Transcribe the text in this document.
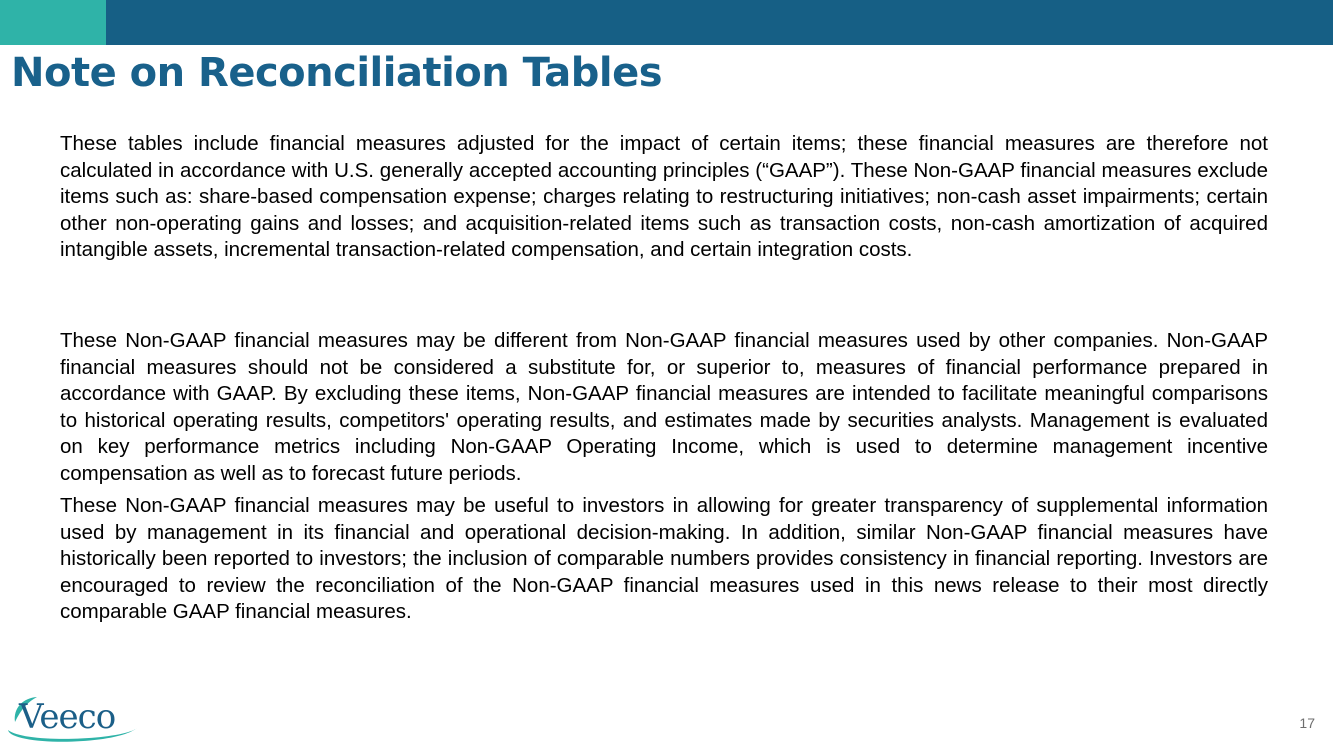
Note on Reconciliation Tables

These tables include financial measures adjusted for the impact of certain items; these financial measures are therefore not calculated in accordance with U.S. generally accepted accounting principles (“GAAP”). These Non-GAAP financial measures exclude items such as: share-based compensation expense; charges relating to restructuring initiatives; non-cash asset impairments; certain other non-operating gains and losses; and acquisition-related items such as transaction costs, non-cash amortization of acquired intangible assets, incremental transaction-related compensation, and certain integration costs.

These Non-GAAP financial measures may be different from Non-GAAP financial measures used by other companies. Non-GAAP financial measures should not be considered a substitute for, or superior to, measures of financial performance prepared in accordance with GAAP. By excluding these items, Non-GAAP financial measures are intended to facilitate meaningful comparisons to historical operating results, competitors' operating results, and estimates made by securities analysts. Management is evaluated on key performance metrics including Non-GAAP Operating Income, which is used to determine management incentive compensation as well as to forecast future periods.

These Non-GAAP financial measures may be useful to investors in allowing for greater transparency of supplemental information used by management in its financial and operational decision-making. In addition, similar Non-GAAP financial measures have historically been reported to investors; the inclusion of comparable numbers provides consistency in financial reporting. Investors are encouraged to review the reconciliation of the Non-GAAP financial measures used in this news release to their most directly comparable GAAP financial measures.

Veeco	17
